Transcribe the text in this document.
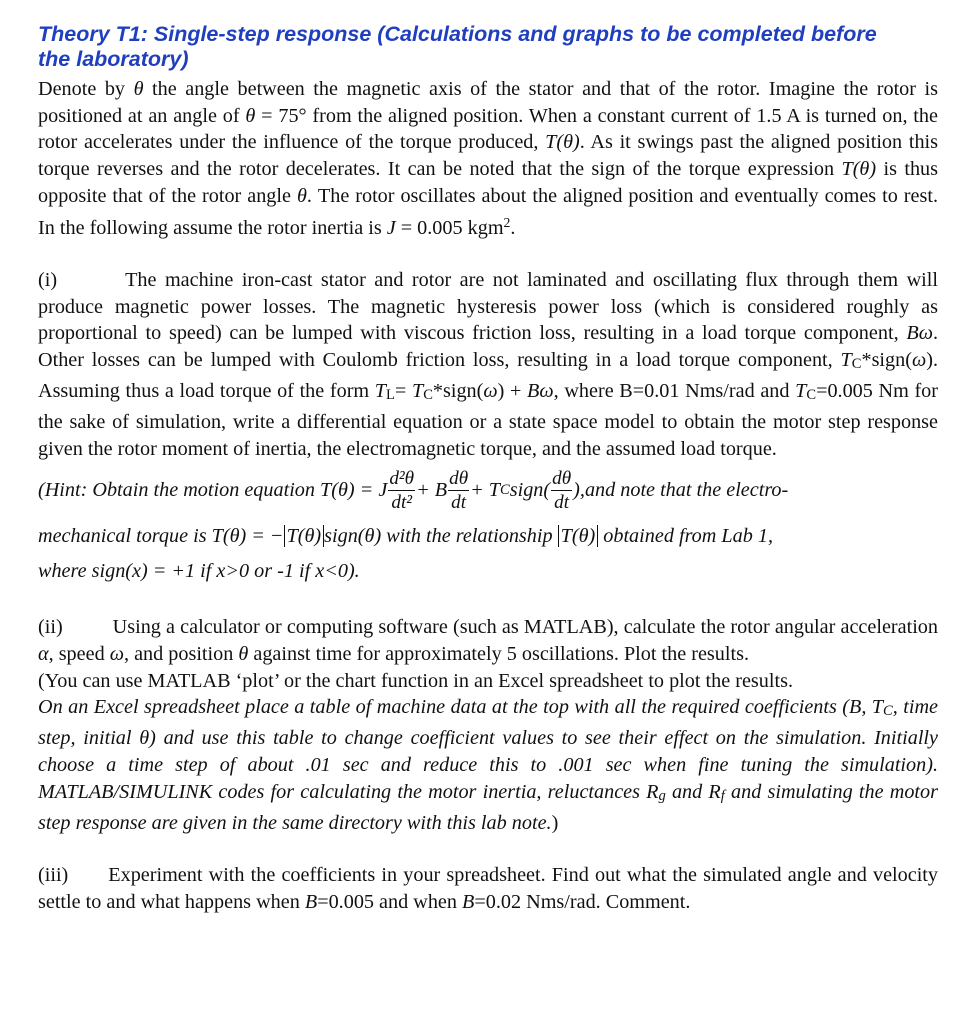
Theory T1: Single-step response (Calculations and graphs to be completed before
the laboratory)

Denote by θ the angle between the magnetic axis of the stator and that of the rotor. Imagine the rotor is positioned at an angle of θ = 75° from the aligned position. When a constant current of 1.5 A is turned on, the rotor accelerates under the influence of the torque produced, T(θ). As it swings past the aligned position this torque reverses and the rotor decelerates. It can be noted that the sign of the torque expression T(θ) is thus opposite that of the rotor angle θ. The rotor oscillates about the aligned position and eventually comes to rest. In the following assume the rotor inertia is J = 0.005 kgm$^2$.

(i)	The machine iron-cast stator and rotor are not laminated and oscillating flux through them will produce magnetic power losses. The magnetic hysteresis power loss (which is considered roughly as proportional to speed) can be lumped with viscous friction loss, resulting in a load torque component, Bω. Other losses can be lumped with Coulomb friction loss, resulting in a load torque component, TC*sign(ω). Assuming thus a load torque of the form TL= TC*sign(ω) + Bω, where B=0.01 Nms/rad and TC=0.005 Nm for the sake of simulation, write a differential equation or a state space model to obtain the motor step response given the rotor moment of inertia, the electromagnetic torque, and the assumed load torque.

(Hint: Obtain the motion equation
T(θ) = J $\frac{\text{d²θ}}{\text{dt²}} + B \frac{d\theta}{dt} + T$ C sign( $\frac{d\theta}{dt}$ ), and note that the electro-
mechanical torque is T(θ) = − T(θ) sign(θ) with the relationship T(θ) obtained from Lab 1,
where sign(x) = +1 if x>0 or -1 if x<0).

(ii) Using a calculator or computing software (such as MATLAB), calculate the rotor angular acceleration α, speed ω, and position θ against time for approximately 5 oscillations. Plot the results.

(You can use MATLAB ‘plot’ or the chart function in an Excel spreadsheet to plot the results.

On an Excel spreadsheet place a table of machine data at the top with all the required coefficients (B, TC, time step, initial θ) and use this table to change coefficient values to see their effect on the simulation. Initially choose a time step of about .01 sec and reduce this to .001 sec when fine tuning the simulation). MATLAB/SIMULINK codes for calculating the motor inertia, reluctances Rg and Rf and simulating the motor step response are given in the same directory with this lab note.)

(iii) Experiment with the coefficients in your spreadsheet. Find out what the simulated angle and velocity settle to and what happens when B=0.005 and when B=0.02 Nms/rad. Comment.
